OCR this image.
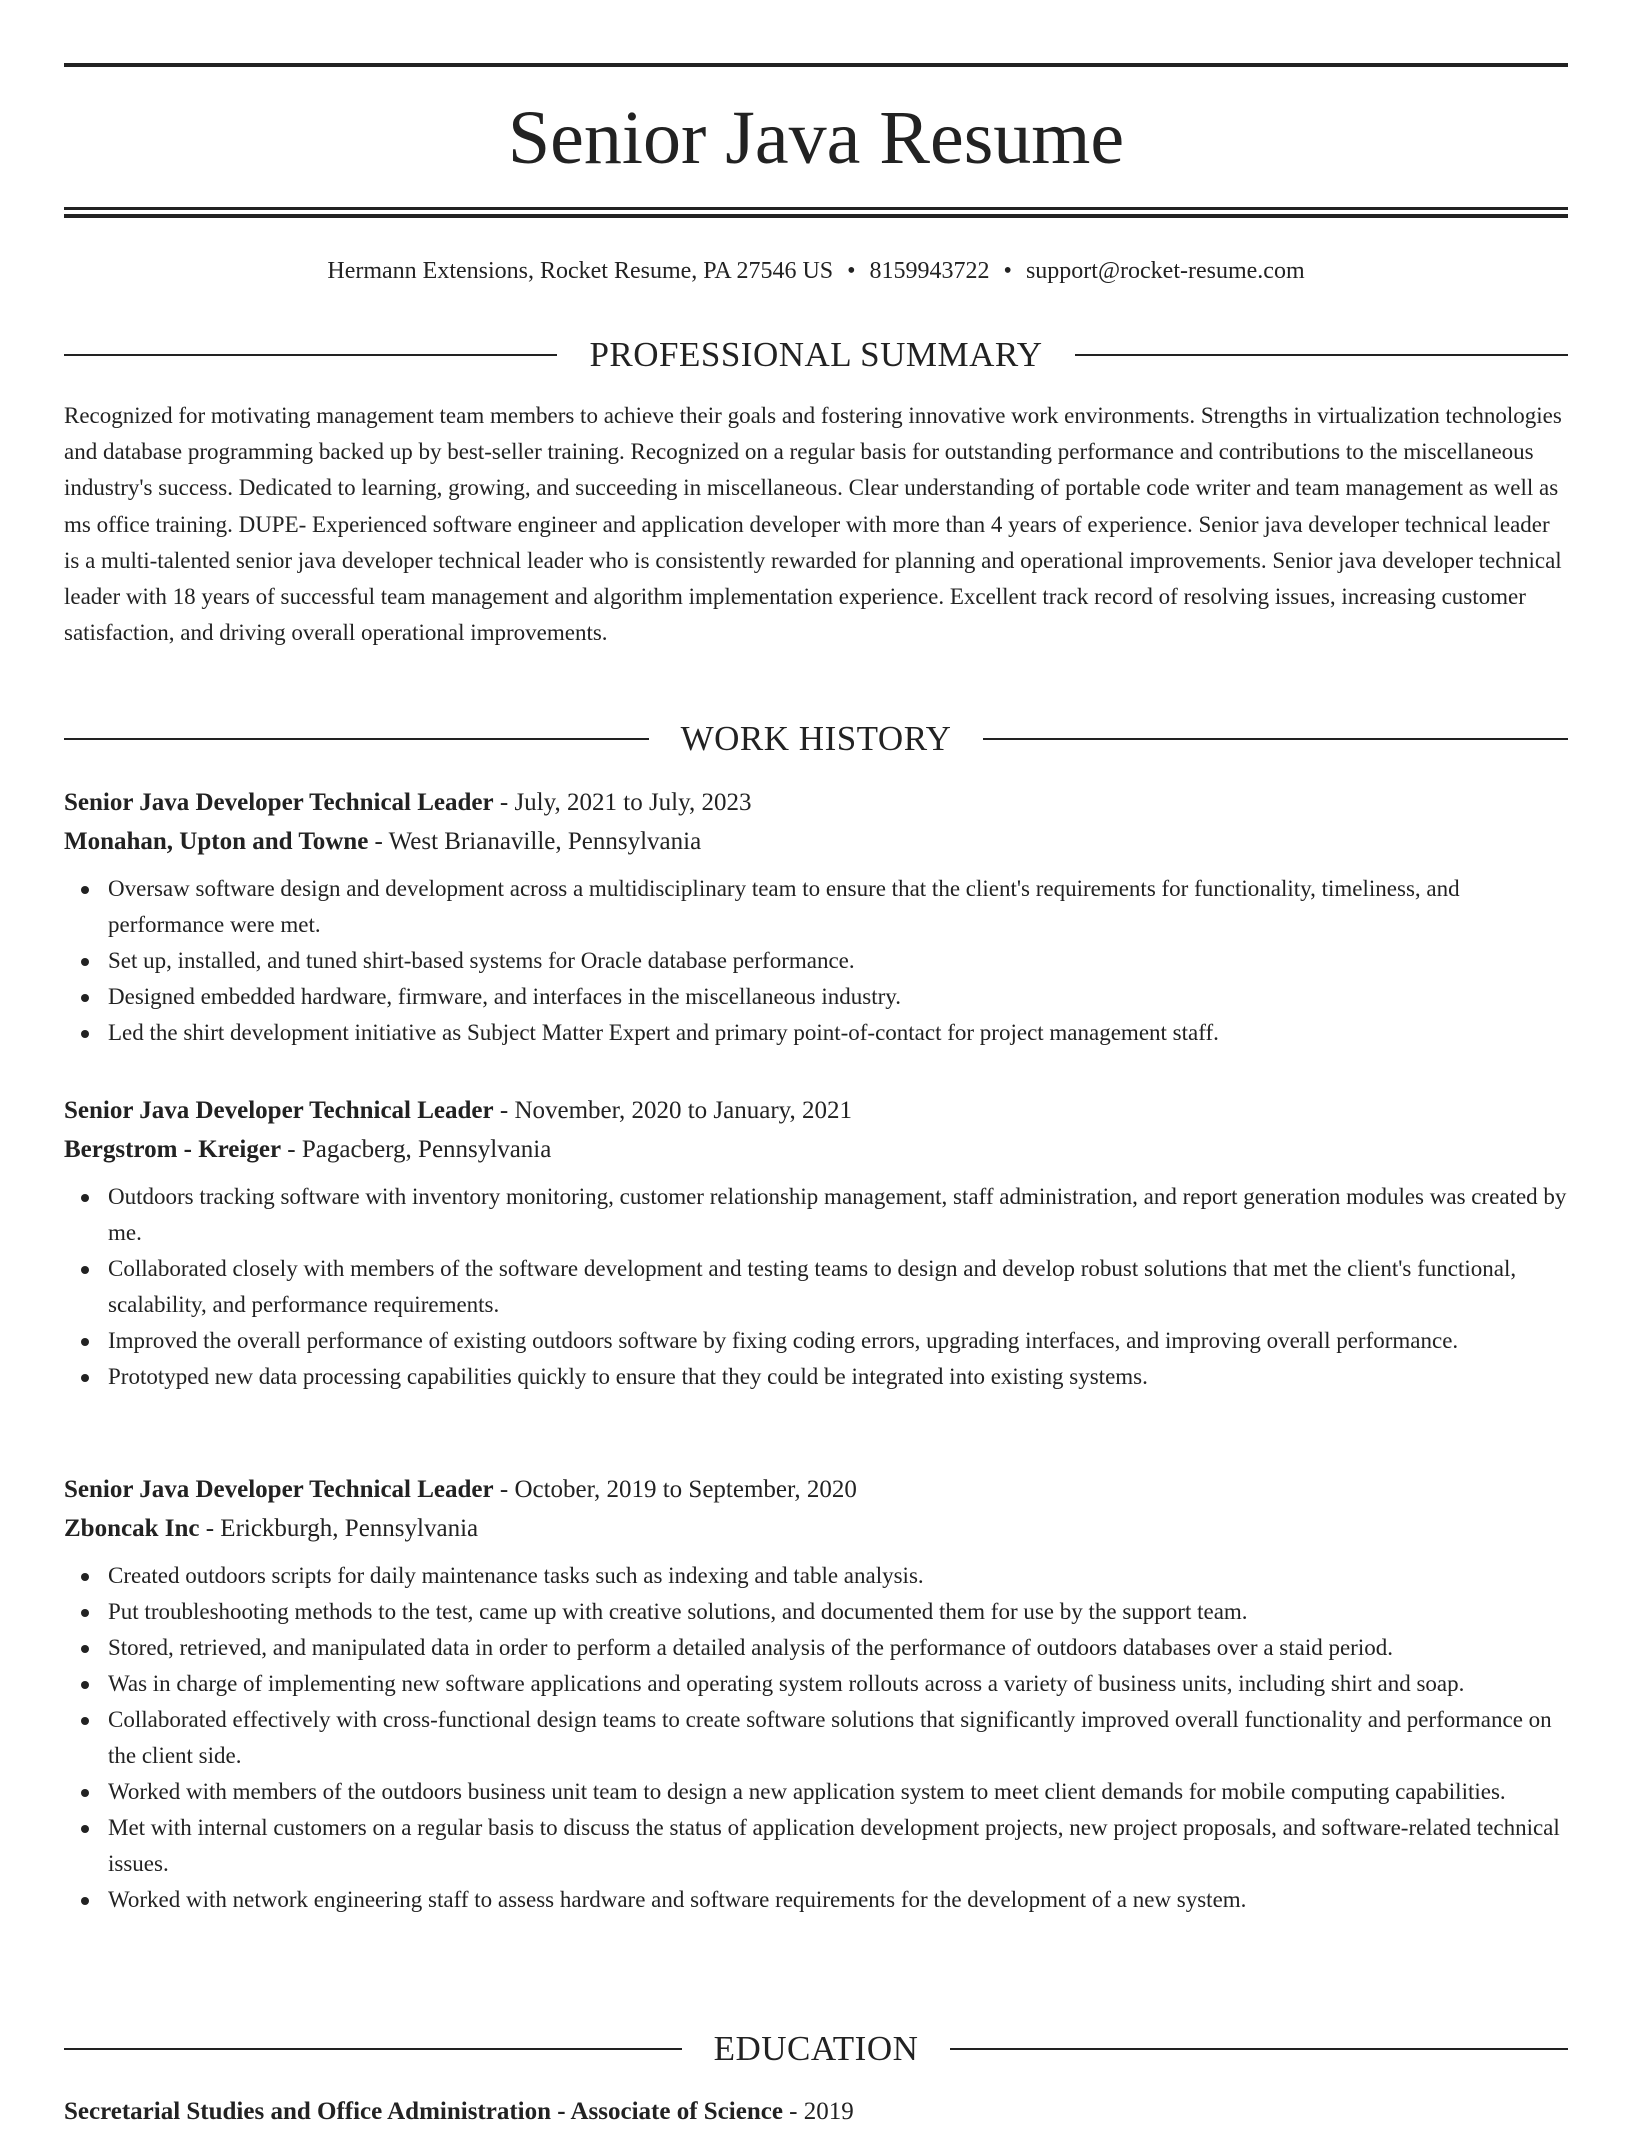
Senior Java Resume
Hermann Extensions, Rocket Resume, PA 27546 US • 8159943722 • support@rocket-resume.com
PROFESSIONAL SUMMARY

Recognized for motivating management team members to achieve their goals and fostering innovative work environments. Strengths in virtualization technologies and database programming backed up by best-seller training. Recognized on a regular basis for outstanding performance and contributions to the miscellaneous industry's success. Dedicated to learning, growing, and succeeding in miscellaneous. Clear understanding of portable code writer and team management as well as ms office training. DUPE- Experienced software engineer and application developer with more than 4 years of experience. Senior java developer technical leader is a multi-talented senior java developer technical leader who is consistently rewarded for planning and operational improvements. Senior java developer technical leader with 18 years of successful team management and algorithm implementation experience. Excellent track record of resolving issues, increasing customer satisfaction, and driving overall operational improvements.

WORK HISTORY
Senior Java Developer Technical Leader - July, 2021 to July, 2023
Monahan, Upton and Towne - West Brianaville, Pennsylvania
Oversaw software design and development across a multidisciplinary team to ensure that the client's requirements for functionality, timeliness, and performance were met.
Set up, installed, and tuned shirt-based systems for Oracle database performance.
Designed embedded hardware, firmware, and interfaces in the miscellaneous industry.
Led the shirt development initiative as Subject Matter Expert and primary point-of-contact for project management staff.
Senior Java Developer Technical Leader - November, 2020 to January, 2021
Bergstrom - Kreiger - Pagacberg, Pennsylvania
Outdoors tracking software with inventory monitoring, customer relationship management, staff administration, and report generation modules was created by me.
Collaborated closely with members of the software development and testing teams to design and develop robust solutions that met the client's functional, scalability, and performance requirements.
Improved the overall performance of existing outdoors software by fixing coding errors, upgrading interfaces, and improving overall performance.
Prototyped new data processing capabilities quickly to ensure that they could be integrated into existing systems.
Senior Java Developer Technical Leader - October, 2019 to September, 2020
Zboncak Inc - Erickburgh, Pennsylvania
Created outdoors scripts for daily maintenance tasks such as indexing and table analysis.
Put troubleshooting methods to the test, came up with creative solutions, and documented them for use by the support team.
Stored, retrieved, and manipulated data in order to perform a detailed analysis of the performance of outdoors databases over a staid period.
Was in charge of implementing new software applications and operating system rollouts across a variety of business units, including shirt and soap.
Collaborated effectively with cross-functional design teams to create software solutions that significantly improved overall functionality and performance on the client side.
Worked with members of the outdoors business unit team to design a new application system to meet client demands for mobile computing capabilities.
Met with internal customers on a regular basis to discuss the status of application development projects, new project proposals, and software-related technical issues.
Worked with network engineering staff to assess hardware and software requirements for the development of a new system.
EDUCATION
Secretarial Studies and Office Administration - Associate of Science - 2019
